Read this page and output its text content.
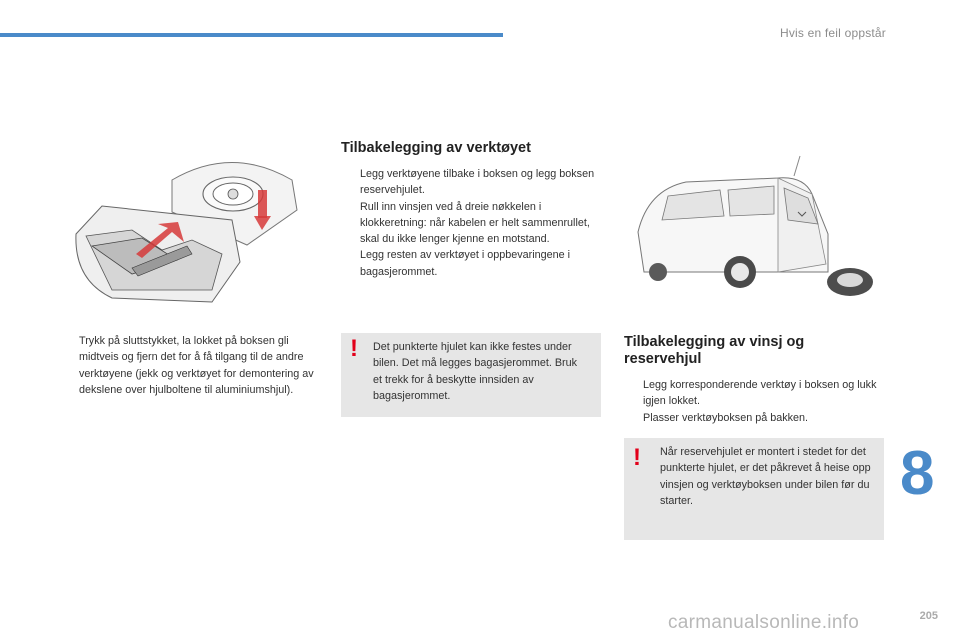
Hvis en feil oppstår
Trykk på sluttstykket, la lokket på boksen gli midtveis og fjern det for å få tilgang til de andre verktøyene (jekk og verktøyet for demontering av dekslene over hjulboltene til aluminiumshjul).
Tilbakelegging av verktøyet
Legg verktøyene tilbake i boksen og legg boksen reservehjulet.
Rull inn vinsjen ved å dreie nøkkelen i klokkeretning: når kabelen er helt sammenrullet, skal du ikke lenger kjenne en motstand.
Legg resten av verktøyet i oppbevaringene i bagasjerommet.
! Det punkterte hjulet kan ikke festes under bilen. Det må legges bagasjerommet. Bruk et trekk for å beskytte innsiden av bagasjerommet.
Tilbakelegging av vinsj og reservehjul
Legg korresponderende verktøy i boksen og lukk igjen lokket.
Plasser verktøyboksen på bakken.
! Når reservehjulet er montert i stedet for det punkterte hjulet, er det påkrevet å heise opp vinsjen og verktøyboksen under bilen før du starter.	8
205
carmanualsonline.info
